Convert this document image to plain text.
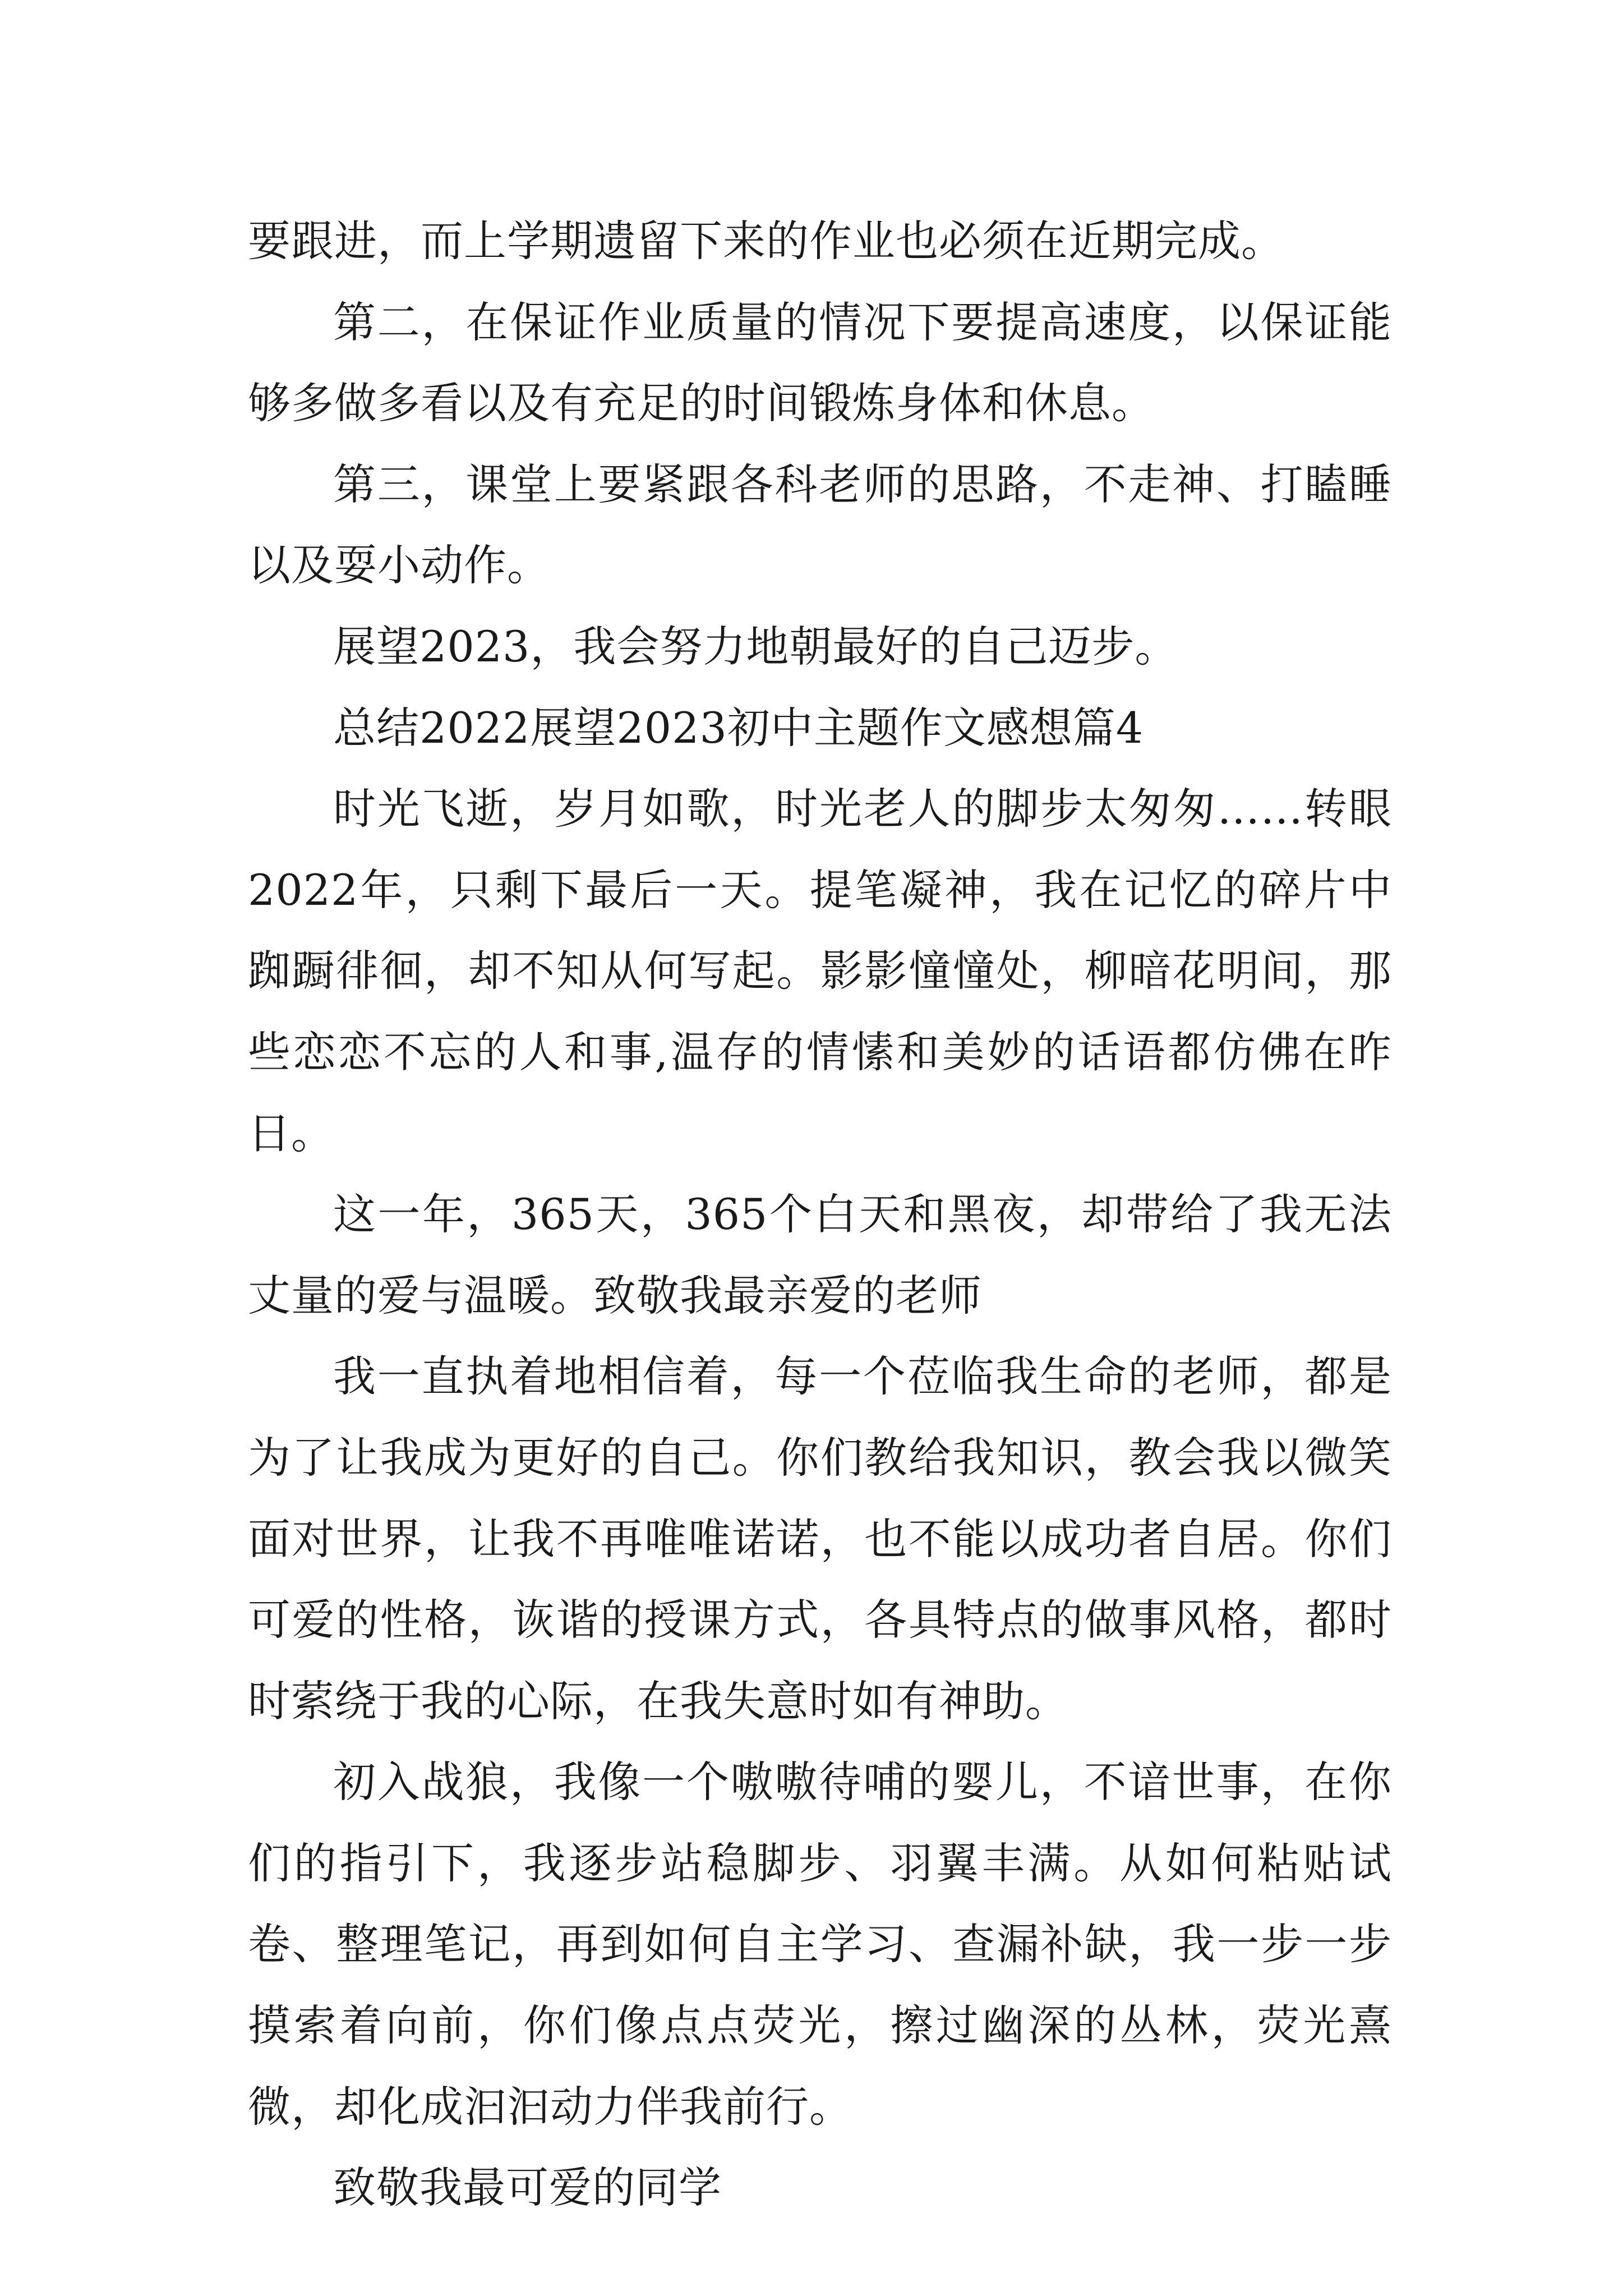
要跟进，而上学期遗留下来的作业也必须在近期完成。

第二，在保证作业质量的情况下要提高速度，以保证能够多做多看以及有充足的时间锻炼身体和休息。

第三，课堂上要紧跟各科老师的思路，不走神、打瞌睡以及耍小动作。

展望2023，我会努力地朝最好的自己迈步。

总结2022展望2023初中主题作文感想篇4

时光飞逝，岁月如歌，时光老人的脚步太匆匆……转眼2022年，只剩下最后一天。提笔凝神，我在记忆的碎片中踟蹰徘徊，却不知从何写起。影影憧憧处，柳暗花明间，那些恋恋不忘的人和事,温存的情愫和美妙的话语都仿佛在昨日。

这一年，365天，365个白天和黑夜，却带给了我无法丈量的爱与温暖。致敬我最亲爱的老师

我一直执着地相信着，每一个莅临我生命的老师，都是为了让我成为更好的自己。你们教给我知识，教会我以微笑面对世界，让我不再唯唯诺诺，也不能以成功者自居。你们可爱的性格，诙谐的授课方式，各具特点的做事风格，都时时萦绕于我的心际，在我失意时如有神助。

初入战狼，我像一个嗷嗷待哺的婴儿，不谙世事，在你们的指引下，我逐步站稳脚步、羽翼丰满。从如何粘贴试卷、整理笔记，再到如何自主学习、查漏补缺，我一步一步摸索着向前，你们像点点荧光，擦过幽深的丛林，荧光熹微，却化成汩汩动力伴我前行。

致敬我最可爱的同学
